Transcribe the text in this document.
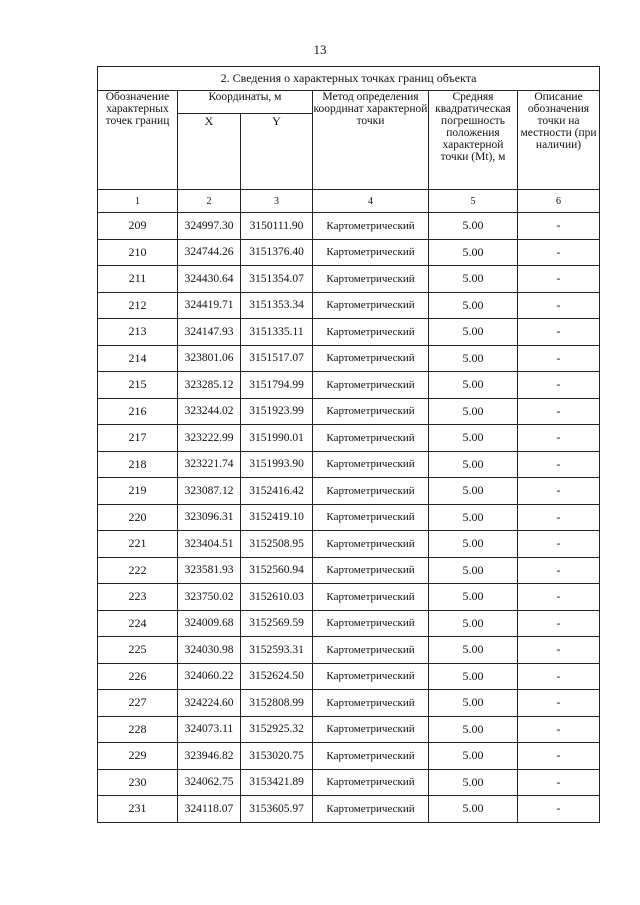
13
2. Сведения о характерных точках границ объекта					
Обозначение характерных точек границ	Координаты, м		Метод определения координат характерной точки	Средняя квадратическая погрешность положения характерной точки (Mt), м	Описание обозначения точки на местности (при наличии)
	X	Y			
1	2	3	4	5	6
209	324997.30	3150111.90	Картометрический	5.00	-
210	324744.26	3151376.40	Картометрический	5.00	-
211	324430.64	3151354.07	Картометрический	5.00	-
212	324419.71	3151353.34	Картометрический	5.00	-
213	324147.93	3151335.11	Картометрический	5.00	-
214	323801.06	3151517.07	Картометрический	5.00	-
215	323285.12	3151794.99	Картометрический	5.00	-
216	323244.02	3151923.99	Картометрический	5.00	-
217	323222.99	3151990.01	Картометрический	5.00	-
218	323221.74	3151993.90	Картометрический	5.00	-
219	323087.12	3152416.42	Картометрический	5.00	-
220	323096.31	3152419.10	Картометрический	5.00	-
221	323404.51	3152508.95	Картометрический	5.00	-
222	323581.93	3152560.94	Картометрический	5.00	-
223	323750.02	3152610.03	Картометрический	5.00	-
224	324009.68	3152569.59	Картометрический	5.00	-
225	324030.98	3152593.31	Картометрический	5.00	-
226	324060.22	3152624.50	Картометрический	5.00	-
227	324224.60	3152808.99	Картометрический	5.00	-
228	324073.11	3152925.32	Картометрический	5.00	-
229	323946.82	3153020.75	Картометрический	5.00	-
230	324062.75	3153421.89	Картометрический	5.00	-
231	324118.07	3153605.97	Картометрический	5.00	-
